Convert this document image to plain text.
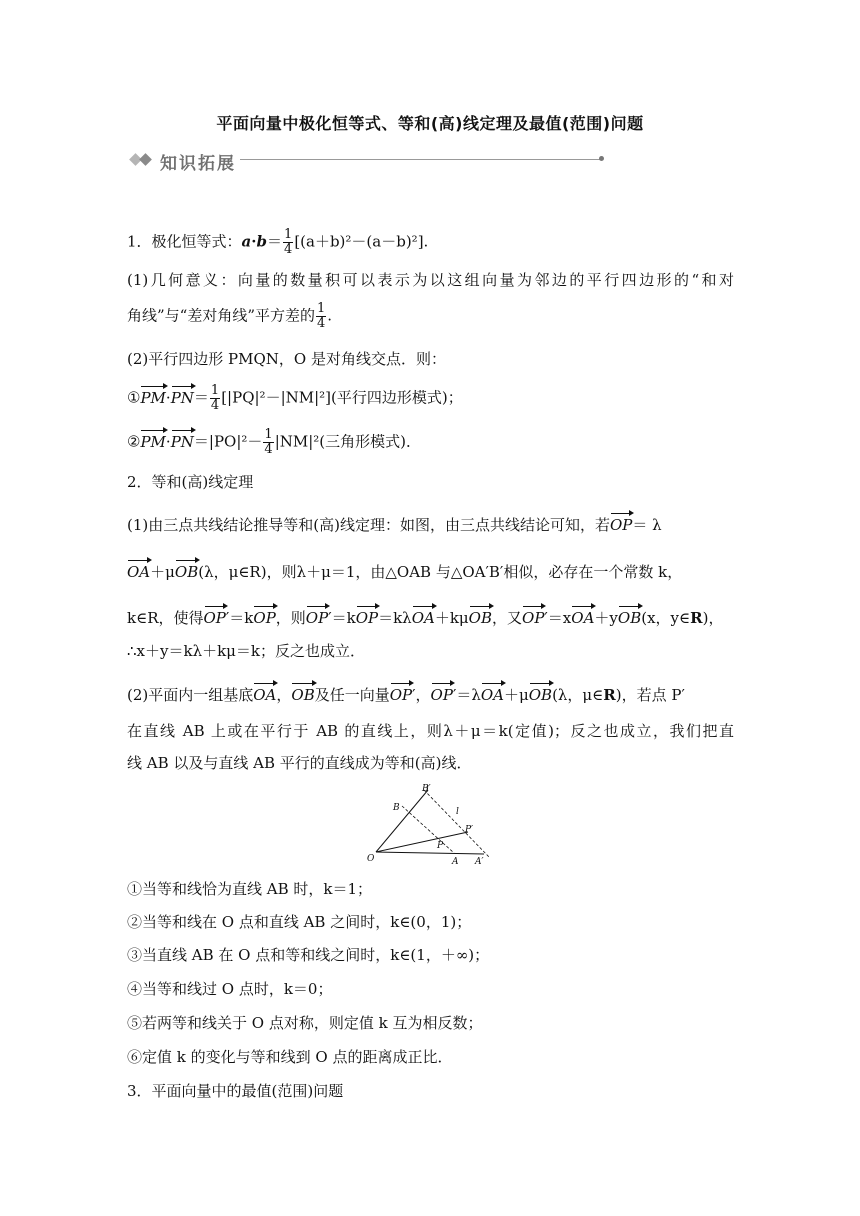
平面向量中极化恒等式、等和(高)线定理及最值(范围)问题
知识拓展
1．极化恒等式：$a\cdot b= \frac{1}{4} [(a+b)^2-(a-b)^2]$.
(1)几何意义：向量的数量积可以表示为以这组向量为邻边的平行四边形的“和对
角线”与“差对角线”平方差的 $\frac{1}{4}$ .
(2)平行四边形 PMQN，O 是对角线交点．则：
①PM·PN＝ $\frac{1}{4} [|PQ|^2-|NM|^2]$(平行四边形模式)；
②PM·PN＝|PO|²－ $\frac{1}{4} |NM|^2$(三角形模式)．
2．等和(高)线定理
(1)由三点共线结论推导等和(高)线定理：如图，由三点共线结论可知，若OP＝ λ
OA＋μOB(λ，μ∈R)，则λ＋μ＝1，由△OAB 与△OA′B′相似，必存在一个常数 k，
k∈R，使得OP′＝kOP，则OP′＝kOP＝kλOA＋kμOB，又OP′＝xOA＋yOB(x，y∈R)，
∴x＋y＝kλ＋kμ＝k；反之也成立．
(2)平面内一组基底OA，OB及任一向量OP′，OP′＝λOA＋μOB(λ，μ∈R)，若点 P′
在直线 AB 上或在平行于 AB 的直线上，则λ＋μ＝k(定值)；反之也成立，我们把直
线 AB 以及与直线 AB 平行的直线成为等和(高)线．
B′
B	l
P′
P
O	A A′
①当等和线恰为直线 AB 时，k＝1；
②当等和线在 O 点和直线 AB 之间时，k∈(0，1)；
③当直线 AB 在 O 点和等和线之间时，k∈(1，＋∞)；
④当等和线过 O 点时，k＝0；
⑤若两等和线关于 O 点对称，则定值 k 互为相反数；
⑥定值 k 的变化与等和线到 O 点的距离成正比．
3．平面向量中的最值(范围)问题
